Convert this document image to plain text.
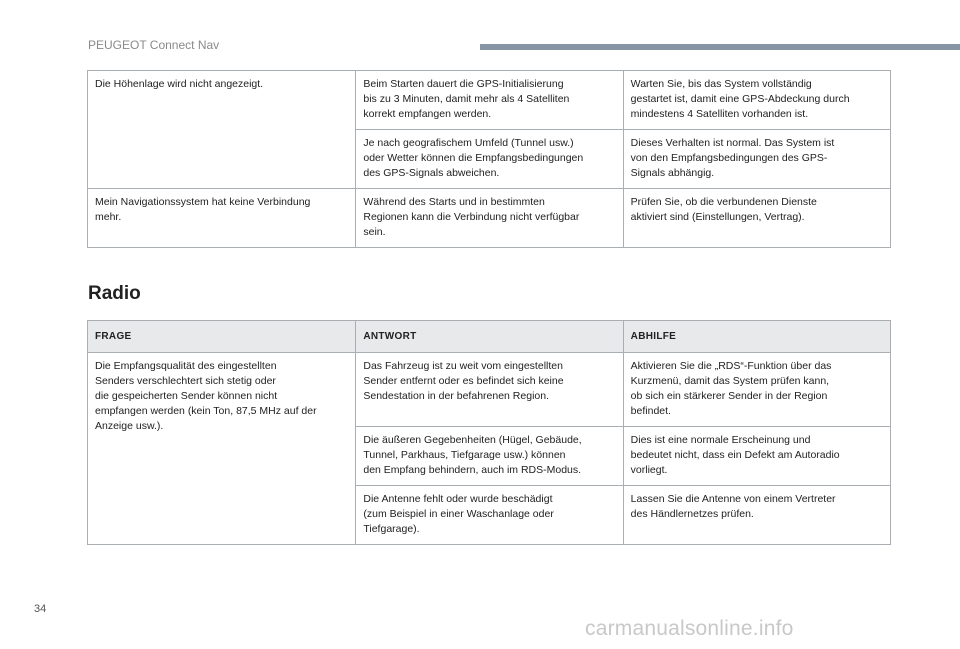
PEUGEOT Connect Nav
Die Höhenlage wird nicht angezeigt.	Beim Starten dauert die GPS-Initialisierung
bis zu 3 Minuten, damit mehr als 4 Satelliten
korrekt empfangen werden.	Warten Sie, bis das System vollständig
gestartet ist, damit eine GPS-Abdeckung durch
mindestens 4 Satelliten vorhanden ist.
	Je nach geografischem Umfeld (Tunnel usw.)
oder Wetter können die Empfangsbedingungen
des GPS-Signals abweichen.	Dieses Verhalten ist normal. Das System ist
von den Empfangsbedingungen des GPS-
Signals abhängig.
Mein Navigationssystem hat keine Verbindung
mehr.	Während des Starts und in bestimmten
Regionen kann die Verbindung nicht verfügbar
sein.	Prüfen Sie, ob die verbundenen Dienste
aktiviert sind (Einstellungen, Vertrag).
Radio
FRAGE	ANTWORT	ABHILFE
Die Empfangsqualität des eingestellten
Senders verschlechtert sich stetig oder
die gespeicherten Sender können nicht
empfangen werden (kein Ton, 87,5 MHz auf der
Anzeige usw.).	Das Fahrzeug ist zu weit vom eingestellten
Sender entfernt oder es befindet sich keine
Sendestation in der befahrenen Region.	Aktivieren Sie die „RDS“-Funktion über das
Kurzmenü, damit das System prüfen kann,
ob sich ein stärkerer Sender in der Region
befindet.
	Die äußeren Gegebenheiten (Hügel, Gebäude,
Tunnel, Parkhaus, Tiefgarage usw.) können
den Empfang behindern, auch im RDS-Modus.	Dies ist eine normale Erscheinung und
bedeutet nicht, dass ein Defekt am Autoradio
vorliegt.
	Die Antenne fehlt oder wurde beschädigt
(zum Beispiel in einer Waschanlage oder
Tiefgarage).	Lassen Sie die Antenne von einem Vertreter
des Händlernetzes prüfen.
34
carmanualsonline.info
